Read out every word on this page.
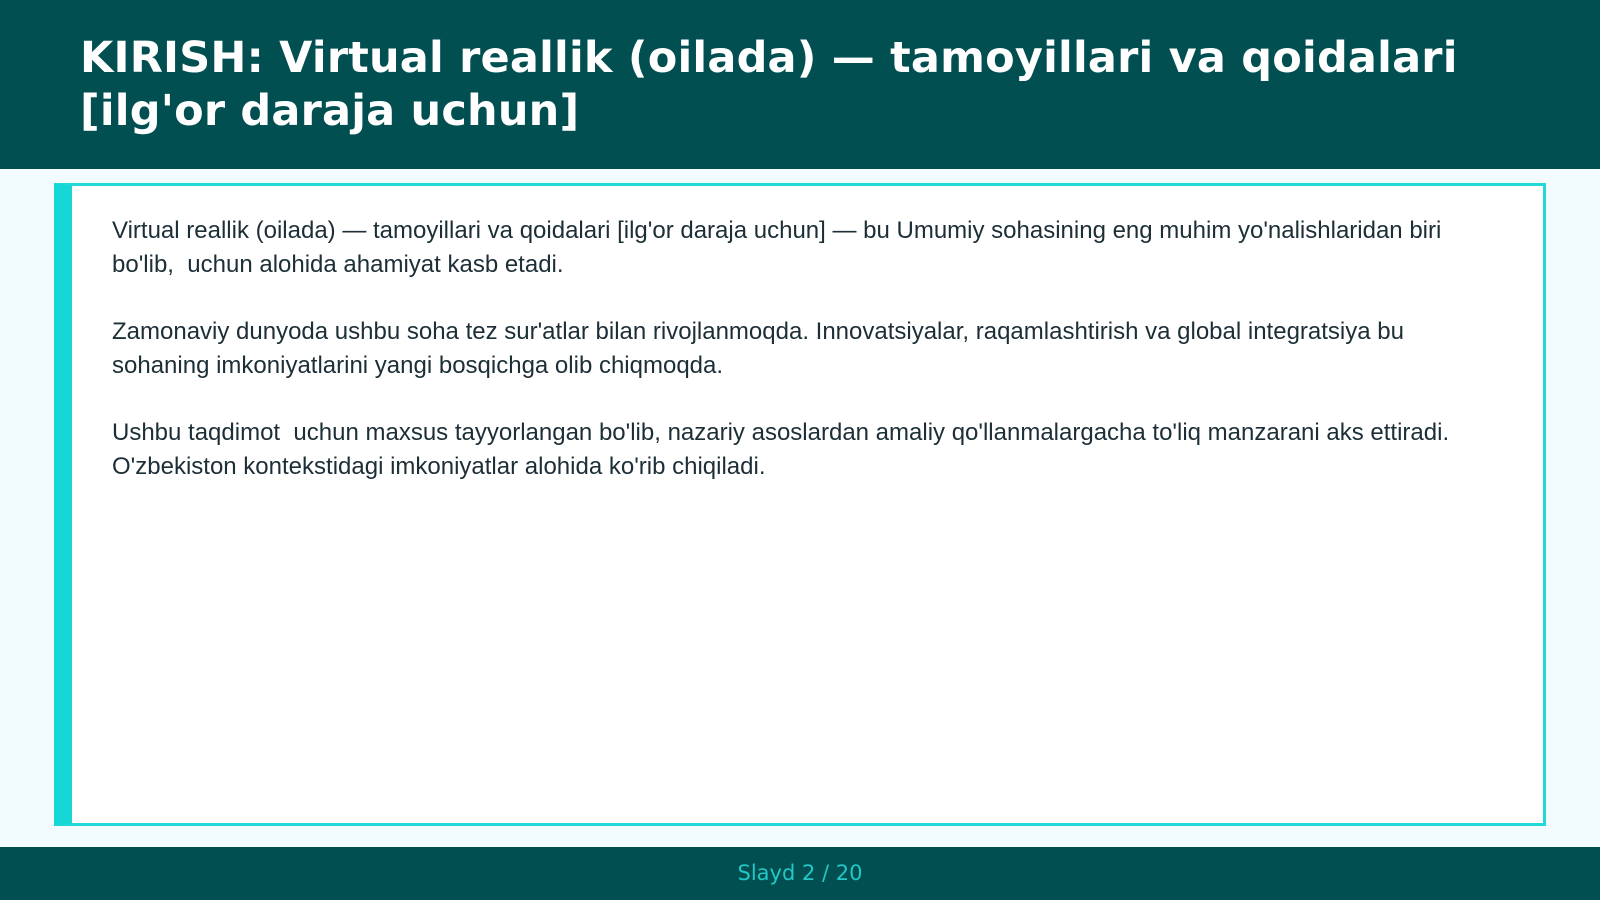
KIRISH: Virtual reallik (oilada) — tamoyillari va qoidalari [ilg'or daraja uchun]

Virtual reallik (oilada) — tamoyillari va qoidalari [ilg'or daraja uchun] — bu Umumiy sohasining eng muhim yo'nalishlaridan biri bo'lib,  uchun alohida ahamiyat kasb etadi.

Zamonaviy dunyoda ushbu soha tez sur'atlar bilan rivojlanmoqda. Innovatsiyalar, raqamlashtirish va global integratsiya bu sohaning imkoniyatlarini yangi bosqichga olib chiqmoqda.

Ushbu taqdimot  uchun maxsus tayyorlangan bo'lib, nazariy asoslardan amaliy qo'llanmalargacha to'liq manzarani aks ettiradi. O'zbekiston kontekstidagi imkoniyatlar alohida ko'rib chiqiladi.

Slayd 2 / 20
